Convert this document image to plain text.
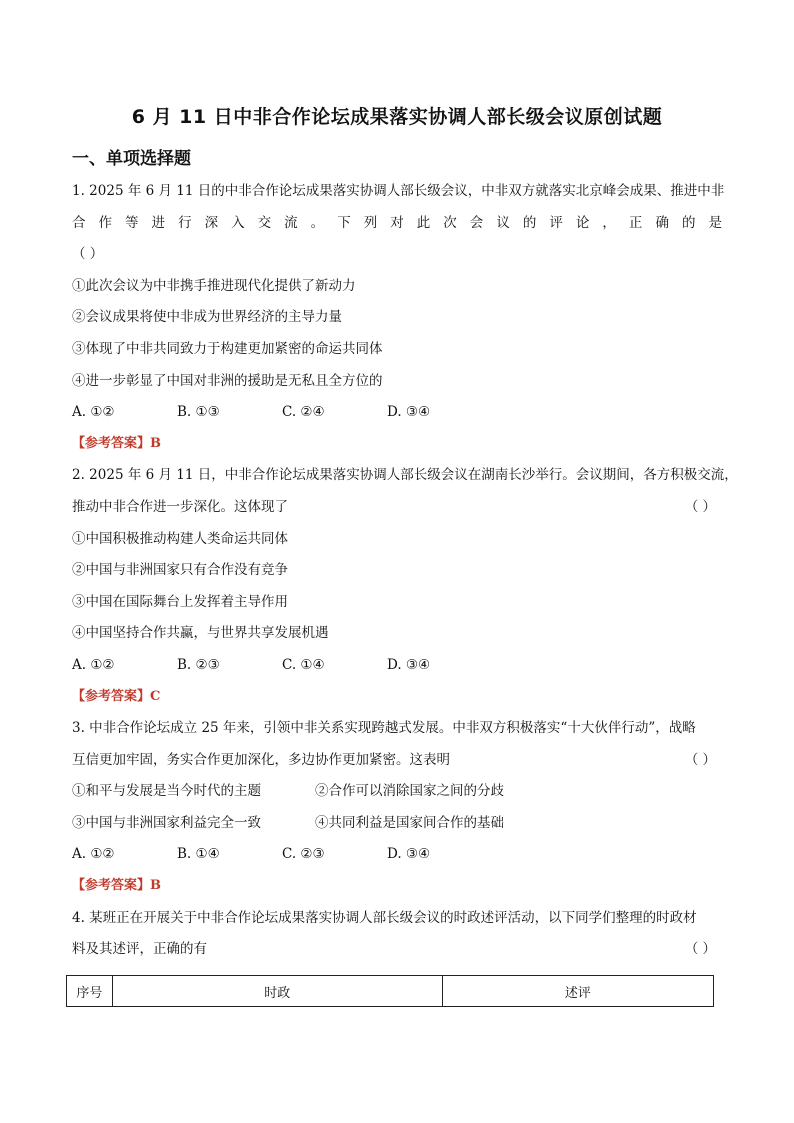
6 月 11 日中非合作论坛成果落实协调人部长级会议原创试题
一、单项选择题
1. 2025 年 6 月 11 日的中非合作论坛成果落实协调人部长级会议，中非双方就落实北京峰会成果、推进中非
合作等进行深入交流。下列对此次会议的评论，正确的是
（ ）
①此次会议为中非携手推进现代化提供了新动力
②会议成果将使中非成为世界经济的主导力量
③体现了中非共同致力于构建更加紧密的命运共同体
④进一步彰显了中国对非洲的援助是无私且全方位的
A. ①②	B. ①③	C. ②④	D. ③④
【参考答案】B
2. 2025 年 6 月 11 日，中非合作论坛成果落实协调人部长级会议在湖南长沙举行。会议期间，各方积极交流，
推动中非合作进一步深化。这体现了	（ ）
①中国积极推动构建人类命运共同体
②中国与非洲国家只有合作没有竞争
③中国在国际舞台上发挥着主导作用
④中国坚持合作共赢，与世界共享发展机遇
A. ①②	B. ②③	C. ①④	D. ③④
【参考答案】C
3. 中非合作论坛成立 25 年来，引领中非关系实现跨越式发展。中非双方积极落实“十大伙伴行动”，战略
互信更加牢固，务实合作更加深化，多边协作更加紧密。这表明	（ ）
①和平与发展是当今时代的主题	②合作可以消除国家之间的分歧
③中国与非洲国家利益完全一致	④共同利益是国家间合作的基础
A. ①②	B. ①④	C. ②③	D. ③④
【参考答案】B
4. 某班正在开展关于中非合作论坛成果落实协调人部长级会议的时政述评活动，以下同学们整理的时政材
料及其述评，正确的有	（ ）
序号	时政	述评
